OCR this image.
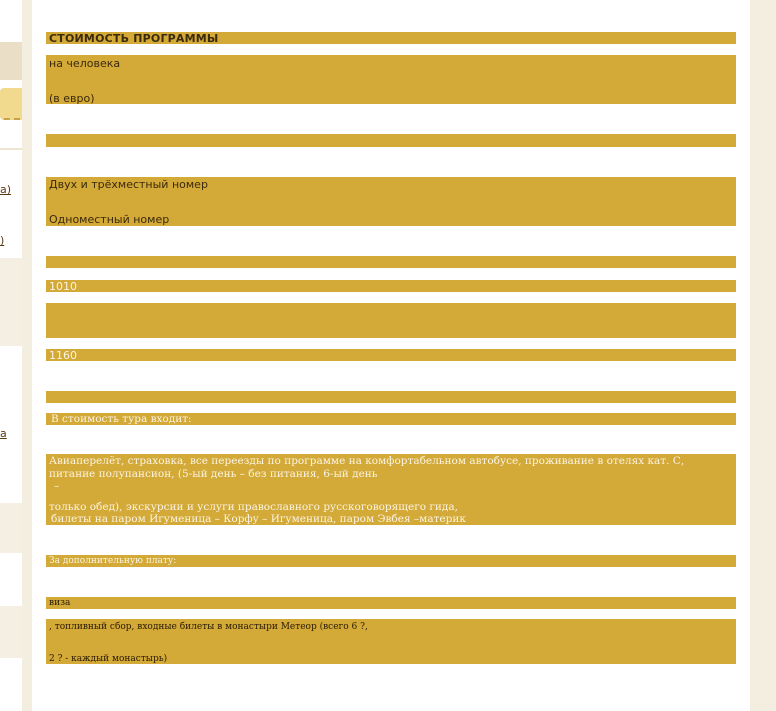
а)
)
а
СТОИМОСТЬ ПРОГРАММЫ
на человека
(в евро)
Двух и трёхместный номер
Одноместный номер
1010
1160
В стоимость тура входит:
Авиаперелёт, страховка, все переезды по программе на комфортабельном автобусе, проживание в отелях кат. С,
питание полупансион, (5-ый день – без питания, 6-ый день
–
только обед), экскурсии и услуги православного русскоговорящего гида,
билеты на паром Игуменица – Корфу – Игуменица, паром Эвбея –материк
За дополнительную плату:
виза
, топливный сбор, входные билеты в монастыри Метеор (всего 6 ?,
2 ? - каждый монастырь)
